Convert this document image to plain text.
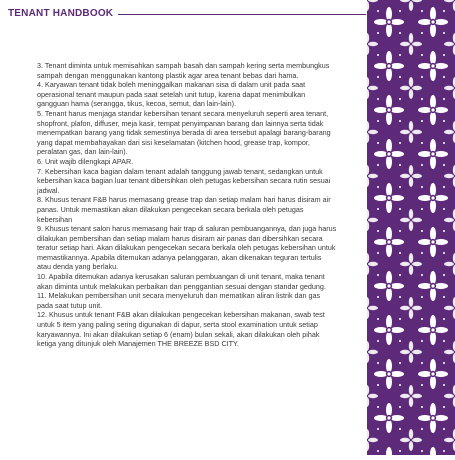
TENANT HANDBOOK

3. Tenant diminta untuk memisahkan sampah basah dan sampah kering serta membungkus sampah dengan menggunakan kantong plastik agar area tenant bebas dari hama.

4. Karyawan tenant tidak boleh meninggalkan makanan sisa di dalam unit pada saat operasional tenant maupun pada saat setelah unit tutup, karena dapat menimbulkan gangguan hama (serangga, tikus, kecoa, semut, dan lain-lain).

5. Tenant harus menjaga standar kebersihan tenant secara menyeluruh seperti area tenant, shopfront, plafon, diffuser, meja kasir, tempat penyimpanan barang dan lainnya serta tidak menempatkan barang yang tidak semestinya berada di area tersebut apalagi barang-barang yang dapat membahayakan dari sisi keselamatan (kitchen hood, grease trap, kompor, peralatan gas, dan lain-lain).

6. Unit wajib dilengkapi APAR.

7. Kebersihan kaca bagian dalam tenant adalah tanggung jawab tenant, sedangkan untuk kebersihan kaca bagian luar tenant dibersihkan oleh petugas kebersihan secara rutin sesuai jadwal.

8. Khusus tenant F&B harus memasang grease trap dan setiap malam hari harus disiram air panas. Untuk memastikan akan dilakukan pengecekan secara berkala oleh petugas kebersihan

9. Khusus tenant salon harus memasang hair trap di saluran pembuangannya, dan juga harus dilakukan pembersihan dan setiap malam harus disiram air panas dan dibersihkan secara teratur setiap hari. Akan dilakukan pengecekan secara berkala oleh petugas kebersihan untuk memastikannya. Apabila ditemukan adanya pelanggaran, akan dikenakan teguran tertulis atau denda yang berlaku.

10. Apabila ditemukan adanya kerusakan saluran pembuangan di unit tenant, maka tenant akan diminta untuk melakukan perbaikan dan penggantian sesuai dengan standar gedung.

11. Melakukan pembersihan unit secara menyeluruh dan mematikan aliran listrik dan gas pada saat tutup unit.

12. Khusus untuk tenant F&B akan dilakukan pengecekan kebersihan makanan, swab test untuk 5 item yang paling sering digunakan di dapur, serta stool examination untuk setiap karyawannya. Ini akan dilakukan setiap 6 (enam) bulan sekali, akan dilakukan oleh pihak ketiga yang ditunjuk oleh Manajemen THE BREEZE BSD CITY.
